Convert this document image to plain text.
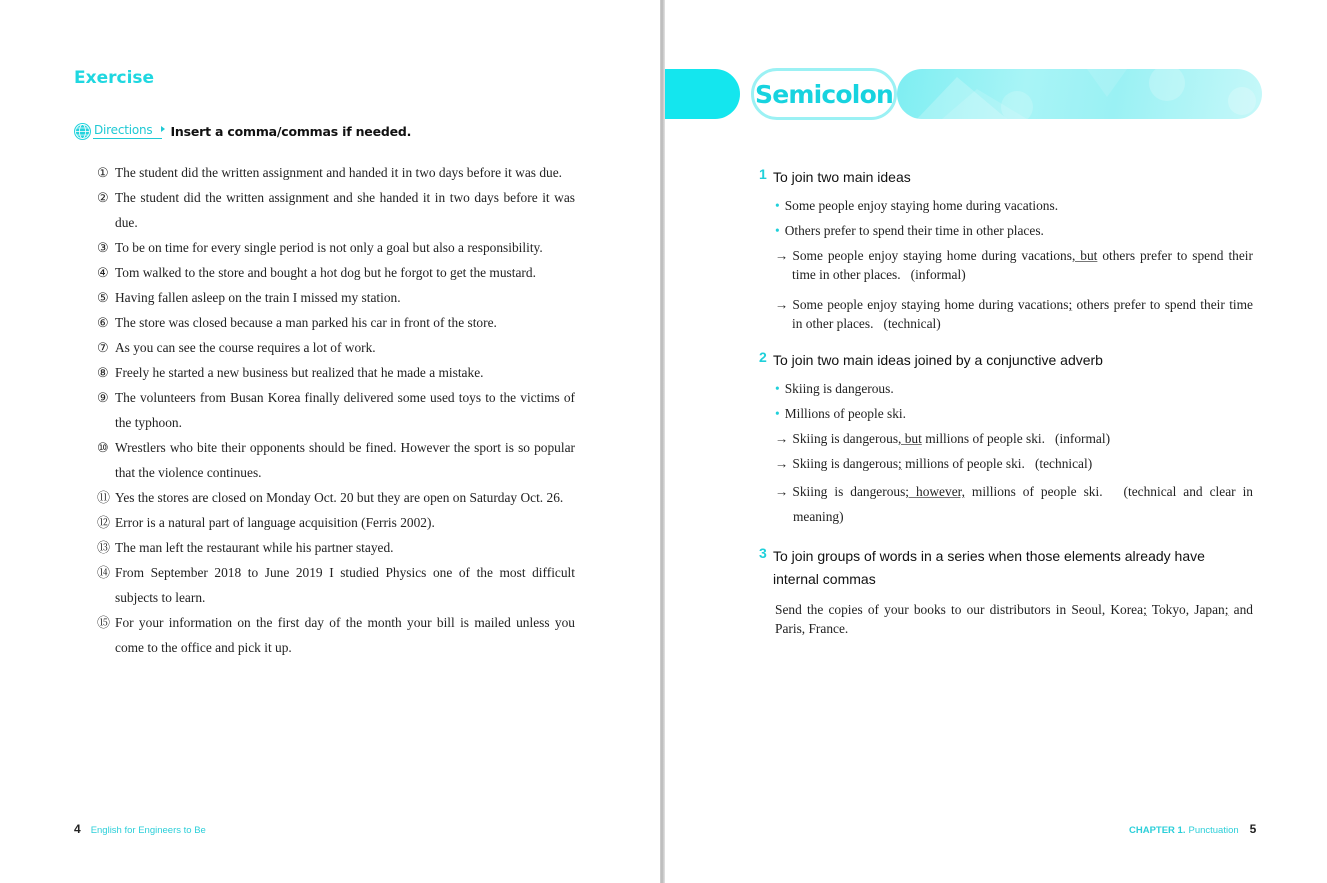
Exercise
Directions	Insert a comma/commas if needed.
① The student did the written assignment and handed it in two days before it was due.
② The student did the written assignment and she handed it in two days before it was due.
③ To be on time for every single period is not only a goal but also a responsibility.
④ Tom walked to the store and bought a hot dog but he forgot to get the mustard.
⑤ Having fallen asleep on the train I missed my station.
⑥ The store was closed because a man parked his car in front of the store.
⑦ As you can see the course requires a lot of work.
⑧ Freely he started a new business but realized that he made a mistake.
⑨ The volunteers from Busan Korea finally delivered some used toys to the victims of the typhoon.
⑩ Wrestlers who bite their opponents should be fined. However the sport is so popular that the violence continues.
⑪ Yes the stores are closed on Monday Oct. 20 but they are open on Saturday Oct. 26.
⑫ Error is a natural part of language acquisition (Ferris 2002).
⑬ The man left the restaurant while his partner stayed.
⑭ From September 2018 to June 2019 I studied Physics one of the most difficult subjects to learn.
⑮ For your information on the first day of the month your bill is mailed unless you come to the office and pick it up.
4 English for Engineers to Be
Semicolon
1 To join two main ideas
• Some people enjoy staying home during vacations.
• Others prefer to spend their time in other places.
→ Some people enjoy staying home during vacations, but others prefer to spend their time in other places. (informal)
→ Some people enjoy staying home during vacations; others prefer to spend their time in other places. (technical)
2 To join two main ideas joined by a conjunctive adverb
• Skiing is dangerous.
• Millions of people ski.
→ Skiing is dangerous, but millions of people ski. (informal)
→ Skiing is dangerous; millions of people ski. (technical)
→ Skiing is dangerous; however, millions of people ski. (technical and clear in meaning)
3 To join groups of words in a series when those elements already have internal commas
Send the copies of your books to our distributors in Seoul, Korea; Tokyo, Japan; and Paris, France.
CHAPTER 1. Punctuation 5
